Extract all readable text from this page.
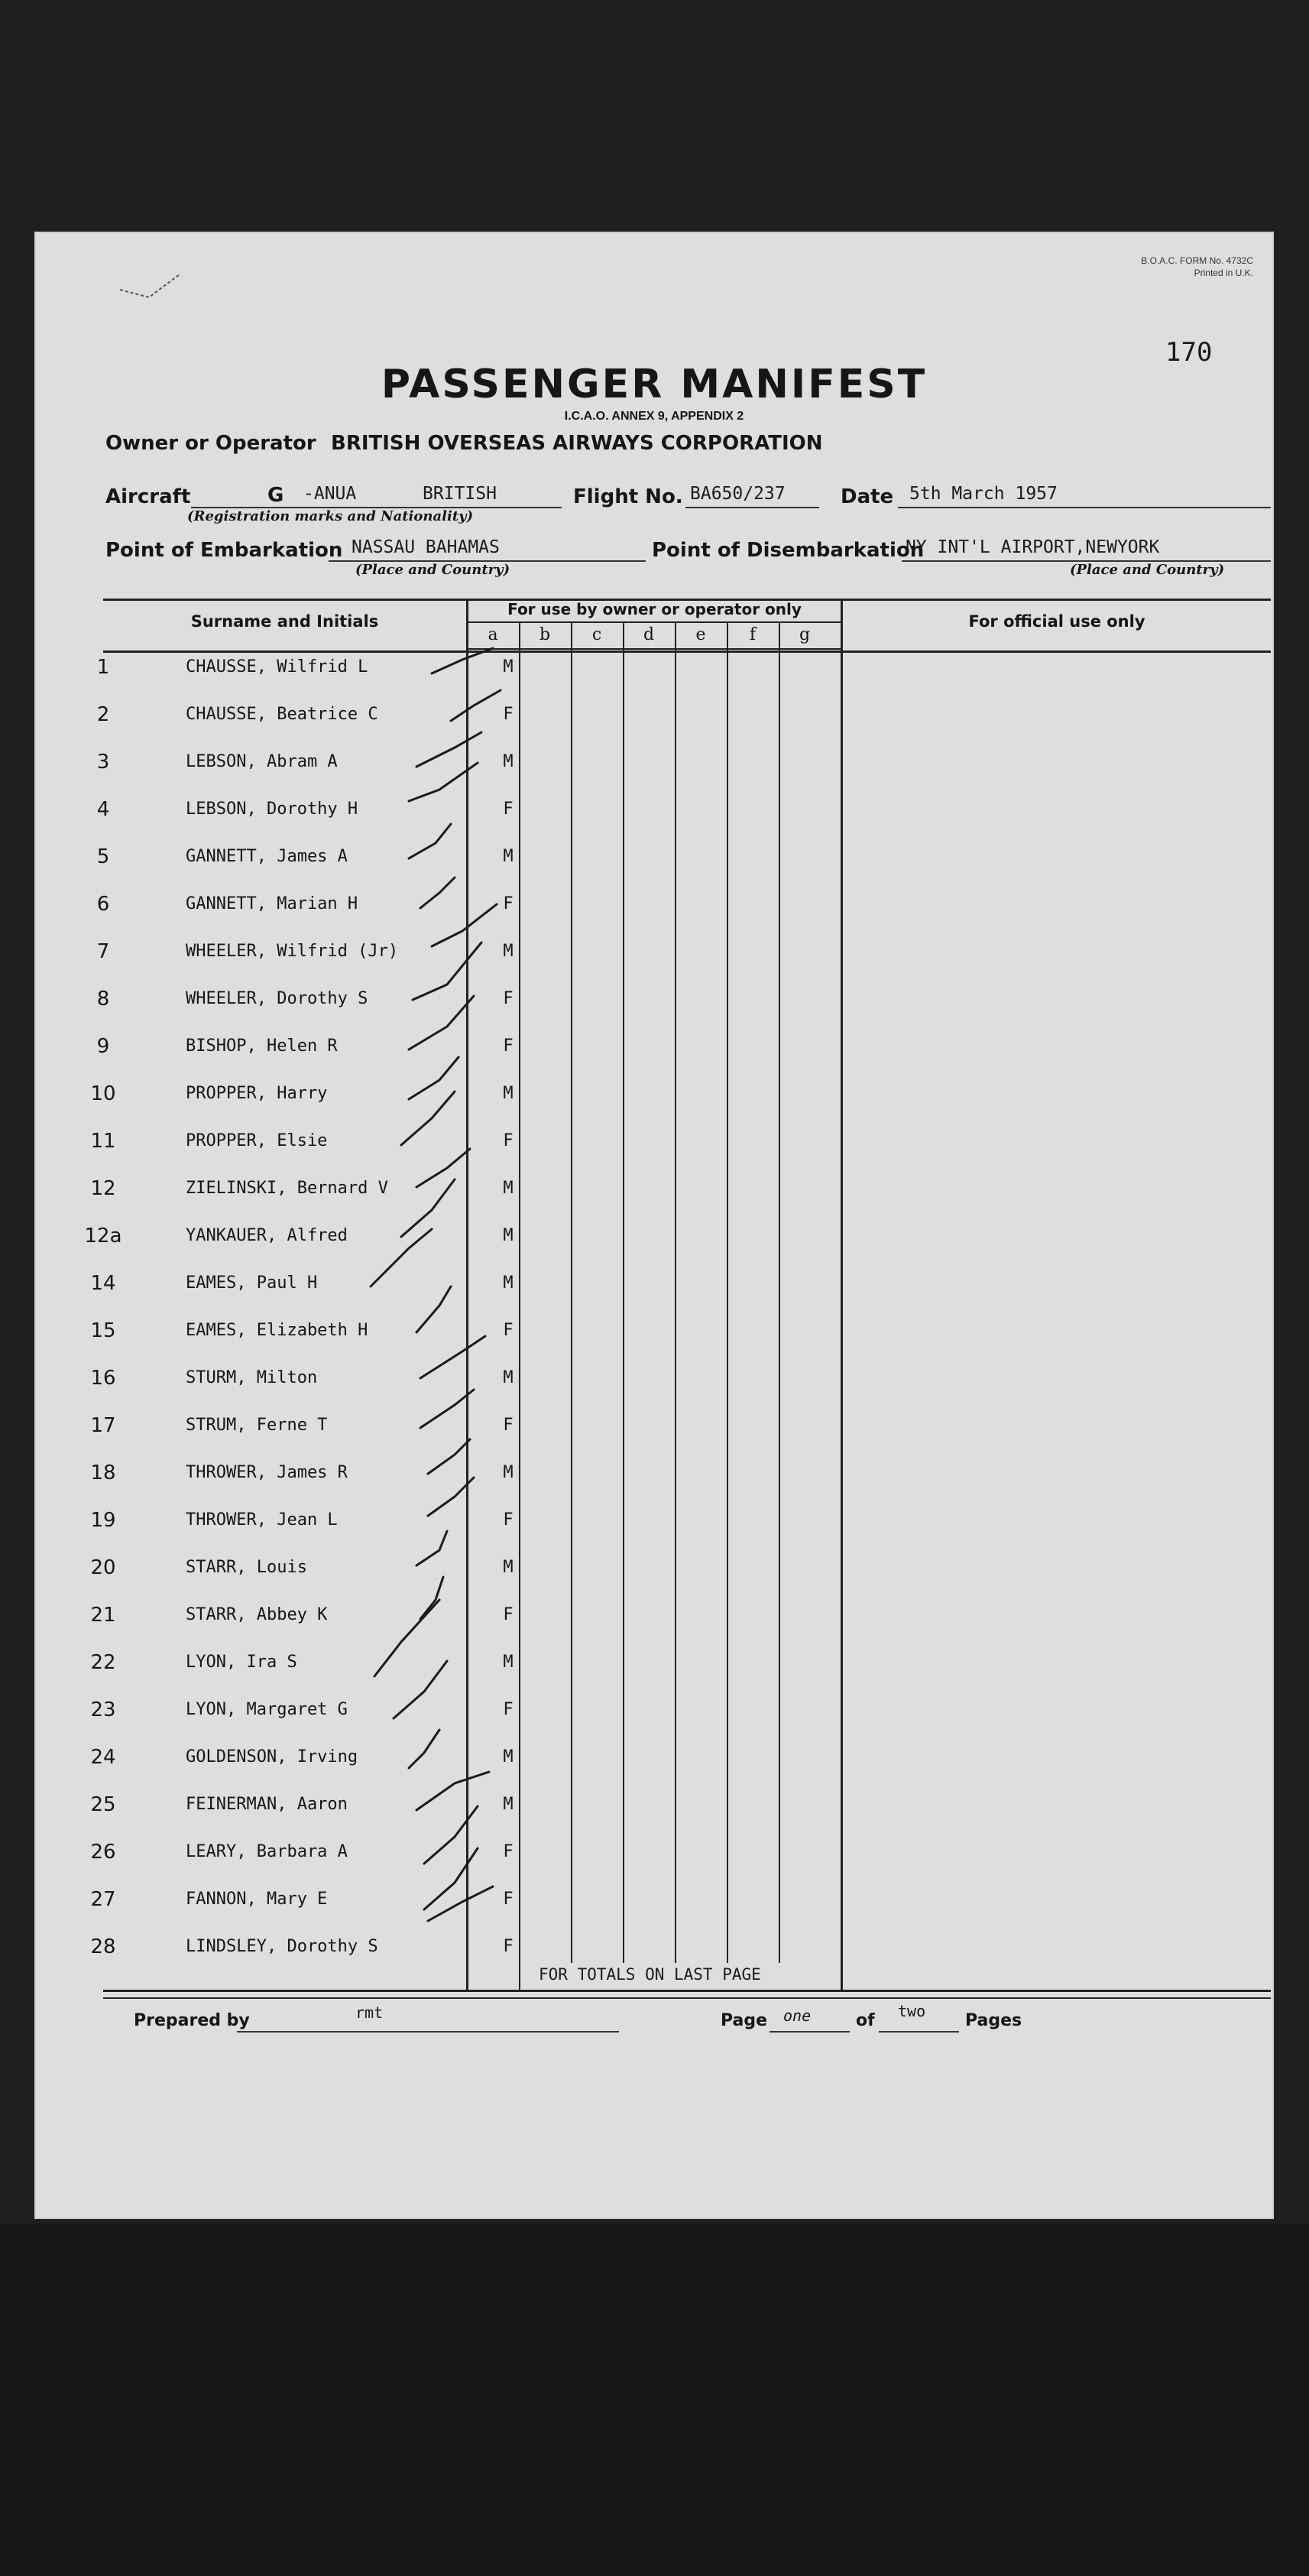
B.O.A.C. FORM No. 4732C
Printed in U.K.
170
PASSENGER MANIFEST
I.C.A.O. ANNEX 9, APPENDIX 2
Owner or Operator BRITISH OVERSEAS AIRWAYS CORPORATION
Aircraft	G -ANUA	BRITISH
(Registration marks and Nationality)
Flight No. BA650/237	Date 5th March 1957
Point of Embarkation NASSAU BAHAMAS
(Place and Country)
Point of Disembarkation
NY INT'L AIRPORT,NEWYORK
(Place and Country)
Surname and Initials
For use by owner or operator only
For official use only
a	b	c	d	e	f	g
1	CHAUSSE, Wilfrid L	M
2	CHAUSSE, Beatrice C	F
3	LEBSON, Abram A	M
4	LEBSON, Dorothy H	F
5	GANNETT, James A	M
6	GANNETT, Marian H	F
7	WHEELER, Wilfrid (Jr)	M
8	WHEELER, Dorothy S	F
9	BISHOP, Helen R	F
10	PROPPER, Harry	M
11	PROPPER, Elsie	F
12	ZIELINSKI, Bernard V	M
12a	YANKAUER, Alfred	M
14	EAMES, Paul H	M
15	EAMES, Elizabeth H	F
16	STURM, Milton	M
17	STRUM, Ferne T	F
18	THROWER, James R	M
19	THROWER, Jean L	F
20	STARR, Louis	M
21	STARR, Abbey K	F
22	LYON, Ira S	M
23	LYON, Margaret G	F
24	GOLDENSON, Irving	M
25	FEINERMAN, Aaron	M
26	LEARY, Barbara A	F
27	FANNON, Mary E	F
28	LINDSLEY, Dorothy S	F
FOR TOTALS ON LAST PAGE
Prepared by	rmt	Page one	of two Pages
